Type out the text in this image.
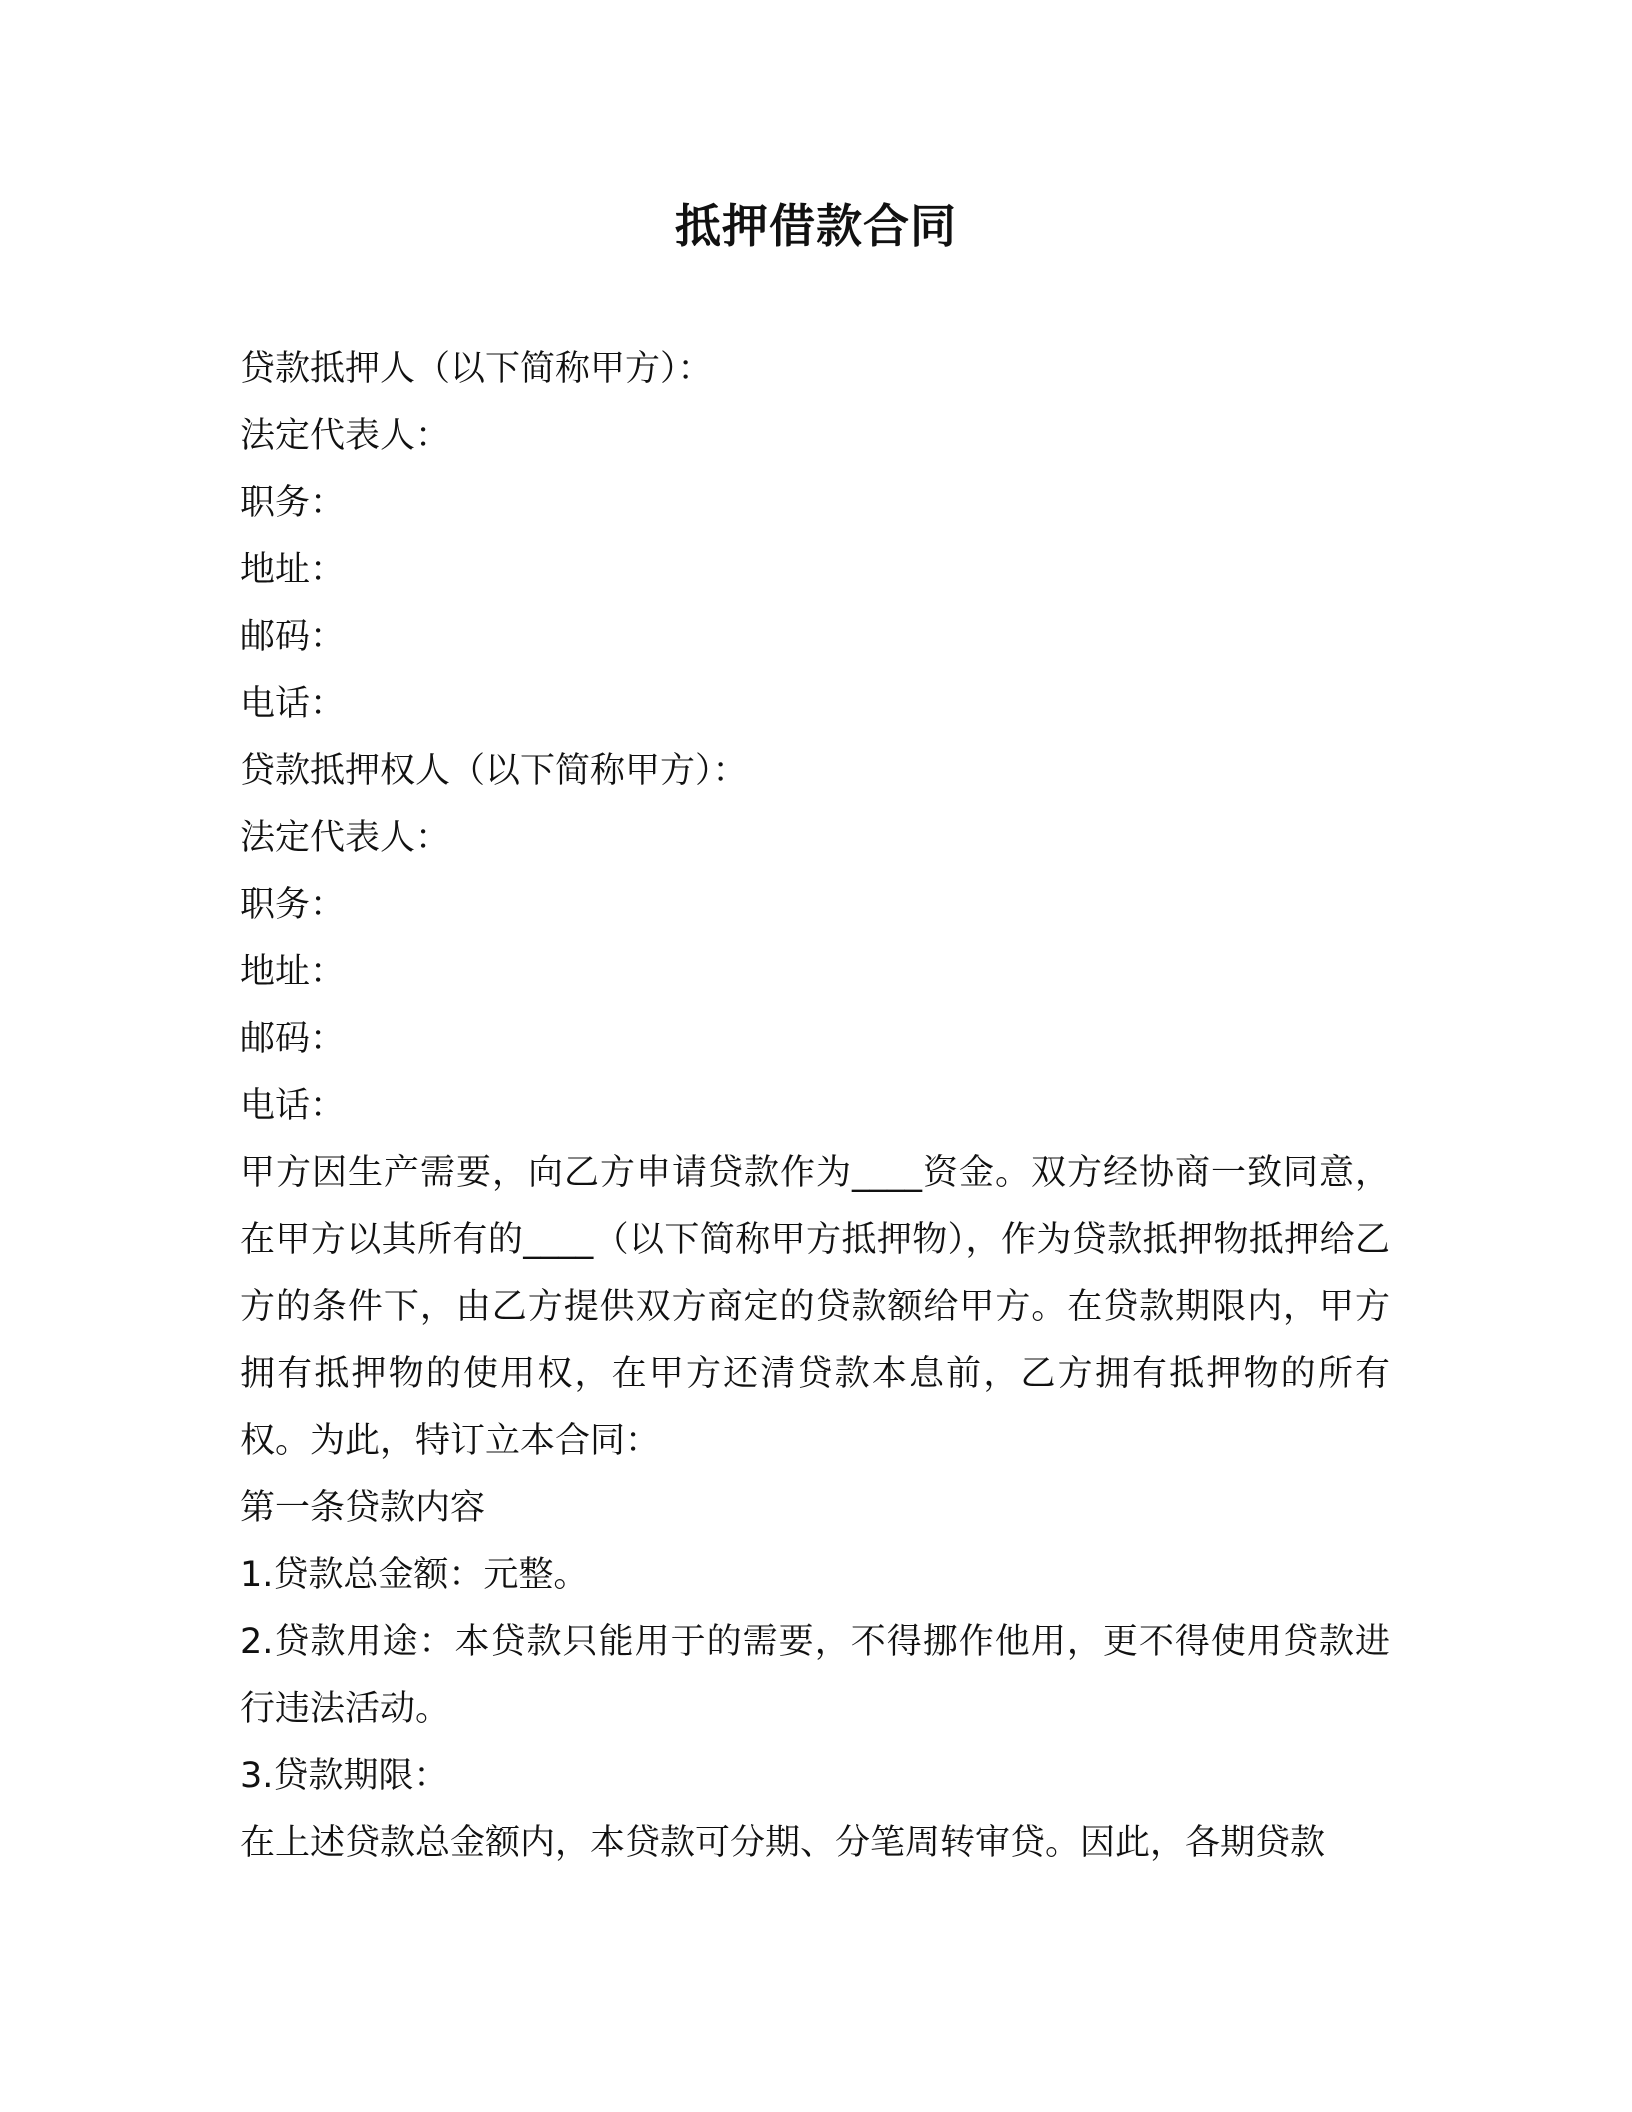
抵押借款合同
贷款抵押人（以下简称甲方）：
法定代表人：
职务：
地址：
邮码：
电话：
贷款抵押权人（以下简称甲方）：
法定代表人：
职务：
地址：
邮码：
电话：
甲方因生产需要，向乙方申请贷款作为____资金。双方经协商一致同意，在甲方以其所有的____（以下简称甲方抵押物），作为贷款抵押物抵押给乙方的条件下，由乙方提供双方商定的贷款额给甲方。在贷款期限内，甲方拥有抵押物的使用权，在甲方还清贷款本息前，乙方拥有抵押物的所有权。为此，特订立本合同：
第一条贷款内容
1.贷款总金额：元整。
2.贷款用途：本贷款只能用于的需要，不得挪作他用，更不得使用贷款进行违法活动。
3.贷款期限：
在上述贷款总金额内，本贷款可分期、分笔周转审贷。因此，各期贷款
